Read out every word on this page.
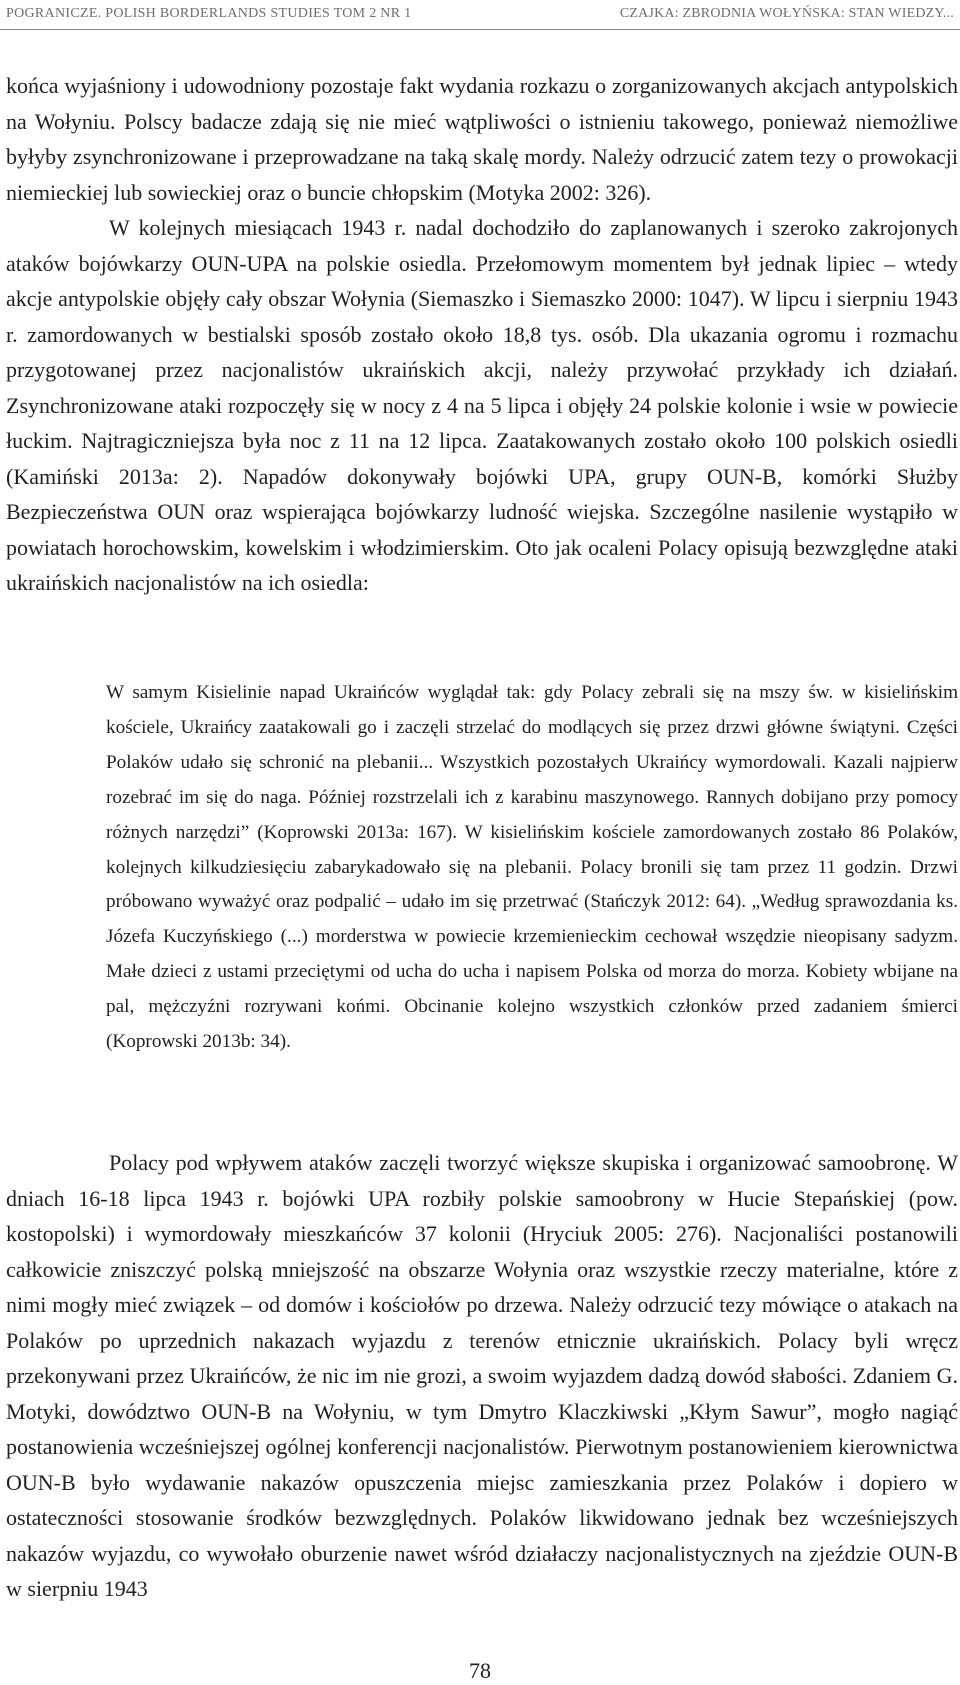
POGRANICZE. POLISH BORDERLANDS STUDIES TOM 2 NR 1	CZAJKA: ZBRODNIA WOŁYŃSKA: STAN WIEDZY...

końca wyjaśniony i udowodniony pozostaje fakt wydania rozkazu o zorganizowanych akcjach antypolskich na Wołyniu. Polscy badacze zdają się nie mieć wątpliwości o istnieniu takowego, ponieważ niemożliwe byłyby zsynchronizowane i przeprowadzane na taką skalę mordy. Należy odrzucić zatem tezy o prowokacji niemieckiej lub sowieckiej oraz o buncie chłopskim (Motyka 2002: 326).

W kolejnych miesiącach 1943 r. nadal dochodziło do zaplanowanych i szeroko zakrojonych ataków bojówkarzy OUN-UPA na polskie osiedla. Przełomowym momentem był jednak lipiec – wtedy akcje antypolskie objęły cały obszar Wołynia (Siemaszko i Siemaszko 2000: 1047). W lipcu i sierpniu 1943 r. zamordowanych w bestialski sposób zostało około 18,8 tys. osób. Dla ukazania ogromu i rozmachu przygotowanej przez nacjonalistów ukraińskich akcji, należy przywołać przykłady ich działań. Zsynchronizowane ataki rozpoczęły się w nocy z 4 na 5 lipca i objęły 24 polskie kolonie i wsie w powiecie łuckim. Najtragiczniejsza była noc z 11 na 12 lipca. Zaatakowanych zostało około 100 polskich osiedli (Kamiński 2013a: 2). Napadów dokonywały bojówki UPA, grupy OUN-B, komórki Służby Bezpieczeństwa OUN oraz wspierająca bojówkarzy ludność wiejska. Szczególne nasilenie wystąpiło w powiatach horochowskim, kowelskim i włodzimierskim. Oto jak ocaleni Polacy opisują bezwzględne ataki ukraińskich nacjonalistów na ich osiedla:

W samym Kisielinie napad Ukraińców wyglądał tak: gdy Polacy zebrali się na mszy św. w kisielińskim kościele, Ukraińcy zaatakowali go i zaczęli strzelać do modlących się przez drzwi główne świątyni. Części Polaków udało się schronić na plebanii... Wszystkich pozostałych Ukraińcy wymordowali. Kazali najpierw rozebrać im się do naga. Później rozstrzelali ich z karabinu maszynowego. Rannych dobijano przy pomocy różnych narzędzi” (Koprowski 2013a: 167). W kisielińskim kościele zamordowanych zostało 86 Polaków, kolejnych kilkudziesięciu zabarykadowało się na plebanii. Polacy bronili się tam przez 11 godzin. Drzwi próbowano wyważyć oraz podpalić – udało im się przetrwać (Stańczyk 2012: 64). „Według sprawozdania ks. Józefa Kuczyńskiego (...) morderstwa w powiecie krzemienieckim cechował wszędzie nieopisany sadyzm. Małe dzieci z ustami przeciętymi od ucha do ucha i napisem Polska od morza do morza. Kobiety wbijane na pal, mężczyźni rozrywani końmi. Obcinanie kolejno wszystkich członków przed zadaniem śmierci (Koprowski 2013b: 34).

Polacy pod wpływem ataków zaczęli tworzyć większe skupiska i organizować samoobronę. W dniach 16-18 lipca 1943 r. bojówki UPA rozbiły polskie samoobrony w Hucie Stepańskiej (pow. kostopolski) i wymordowały mieszkańców 37 kolonii (Hryciuk 2005: 276). Nacjonaliści postanowili całkowicie zniszczyć polską mniejszość na obszarze Wołynia oraz wszystkie rzeczy materialne, które z nimi mogły mieć związek – od domów i kościołów po drzewa. Należy odrzucić tezy mówiące o atakach na Polaków po uprzednich nakazach wyjazdu z terenów etnicznie ukraińskich. Polacy byli wręcz przekonywani przez Ukraińców, że nic im nie grozi, a swoim wyjazdem dadzą dowód słabości. Zdaniem G. Motyki, dowództwo OUN-B na Wołyniu, w tym Dmytro Klaczkiwski „Kłym Sawur”, mogło nagiąć postanowienia wcześniejszej ogólnej konferencji nacjonalistów. Pierwotnym postanowieniem kierownictwa OUN-B było wydawanie nakazów opuszczenia miejsc zamieszkania przez Polaków i dopiero w ostateczności stosowanie środków bezwzględnych. Polaków likwidowano jednak bez wcześniejszych nakazów wyjazdu, co wywołało oburzenie nawet wśród działaczy nacjonalistycznych na zjeździe OUN-B w sierpniu 1943

78
